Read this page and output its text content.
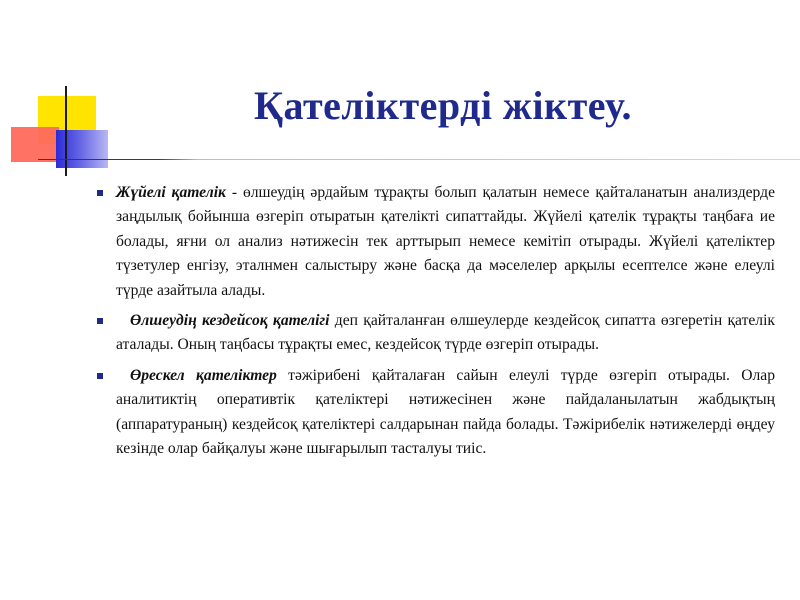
Қателіктерді жіктеу.
Жүйелі қателік - өлшеудің әрдайым тұрақты болып қалатын немесе қайталанатын анализдерде заңдылық бойынша өзгеріп отыратын қателікті сипаттайды. Жүйелі қателік тұрақты таңбаға ие болады, яғни ол анализ нәтижесін тек арттырып немесе кемітіп отырады. Жүйелі қателіктер түзетулер енгізу, эталнмен салыстыру және басқа да мәселелер арқылы есептелсе және елеулі түрде азайтыла алады.
Өлшеудің кездейсоқ қателігі деп қайталанған өлшеулерде кездейсоқ сипатта өзгеретін қателік аталады. Оның таңбасы тұрақты емес, кездейсоқ түрде өзгеріп отырады.
Өрескел қателіктер тәжірибені қайталаған сайын елеулі түрде өзгеріп отырады. Олар аналитиктің оперативтік қателіктері нәтижесінен және пайдаланылатын жабдықтың (аппаратураның) кездейсоқ қателіктері салдарынан пайда болады. Тәжірибелік нәтижелерді өңдеу кезінде олар байқалуы және шығарылып тасталуы тиіс.
